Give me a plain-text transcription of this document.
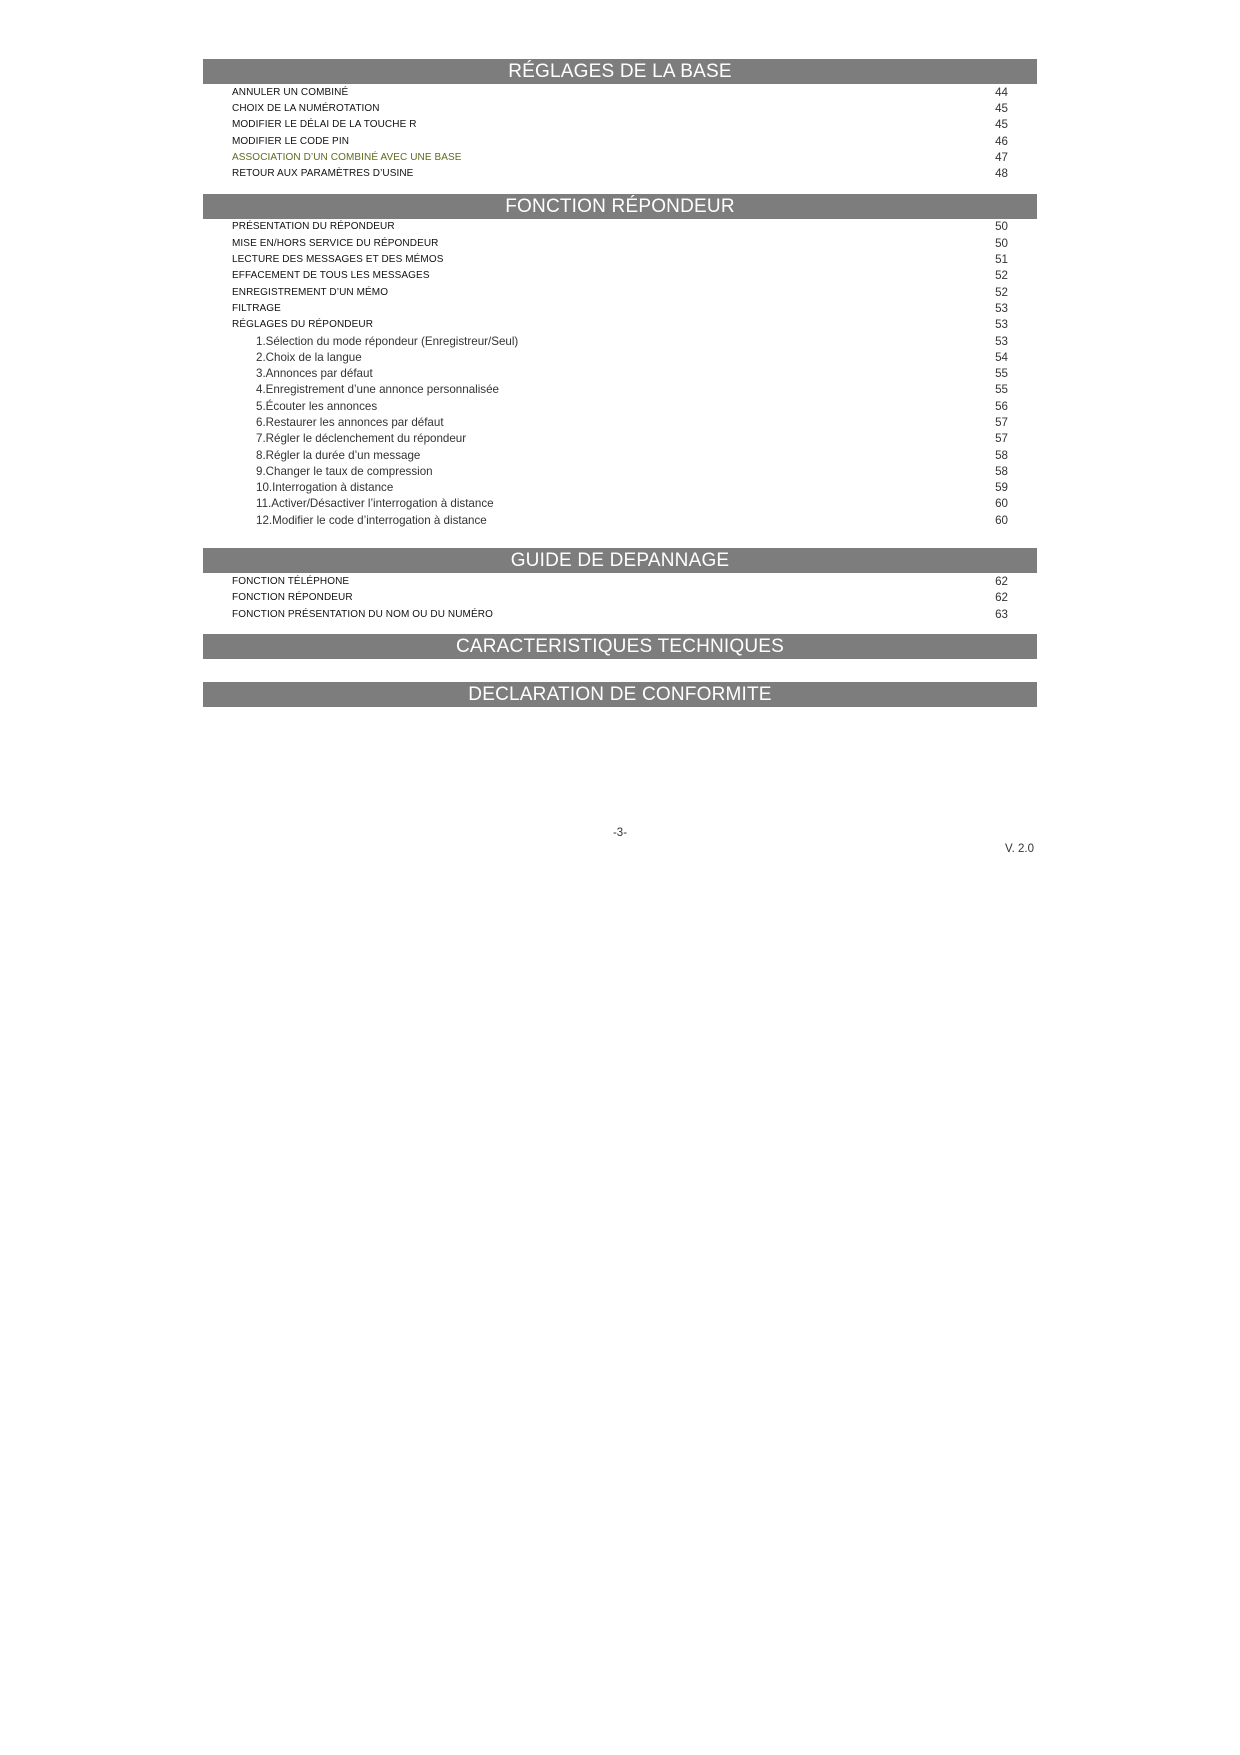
RÉGLAGES DE LA BASE
ANNULER UN COMBINÉ	44
CHOIX DE LA NUMÉROTATION	45
MODIFIER LE DÉLAI DE LA TOUCHE R	45
MODIFIER LE CODE PIN	46
ASSOCIATION D’UN COMBINÉ AVEC UNE BASE	47
RETOUR AUX PARAMÈTRES D’USINE	48
FONCTION RÉPONDEUR
PRÉSENTATION DU RÉPONDEUR	50
MISE EN/HORS SERVICE DU RÉPONDEUR	50
LECTURE DES MESSAGES ET DES MÉMOS	51
EFFACEMENT DE TOUS LES MESSAGES	52
ENREGISTREMENT D’UN MÉMO	52
FILTRAGE	53
RÉGLAGES DU RÉPONDEUR	53
1.Sélection du mode répondeur (Enregistreur/Seul)	53
2.Choix de la langue	54
3.Annonces par défaut	55
4.Enregistrement d’une annonce personnalisée	55
5.Écouter les annonces	56
6.Restaurer les annonces par défaut	57
7.Régler le déclenchement du répondeur	57
8.Régler la durée d’un message	58
9.Changer le taux de compression	58
10.Interrogation à distance	59
11.Activer/Désactiver l’interrogation à distance	60
12.Modifier le code d’interrogation à distance	60
GUIDE DE DEPANNAGE
FONCTION TÉLÉPHONE	62
FONCTION RÉPONDEUR	62
FONCTION PRÉSENTATION DU NOM OU DU NUMÉRO	63
CARACTERISTIQUES TECHNIQUES
DECLARATION DE CONFORMITE
-3-
V. 2.0
